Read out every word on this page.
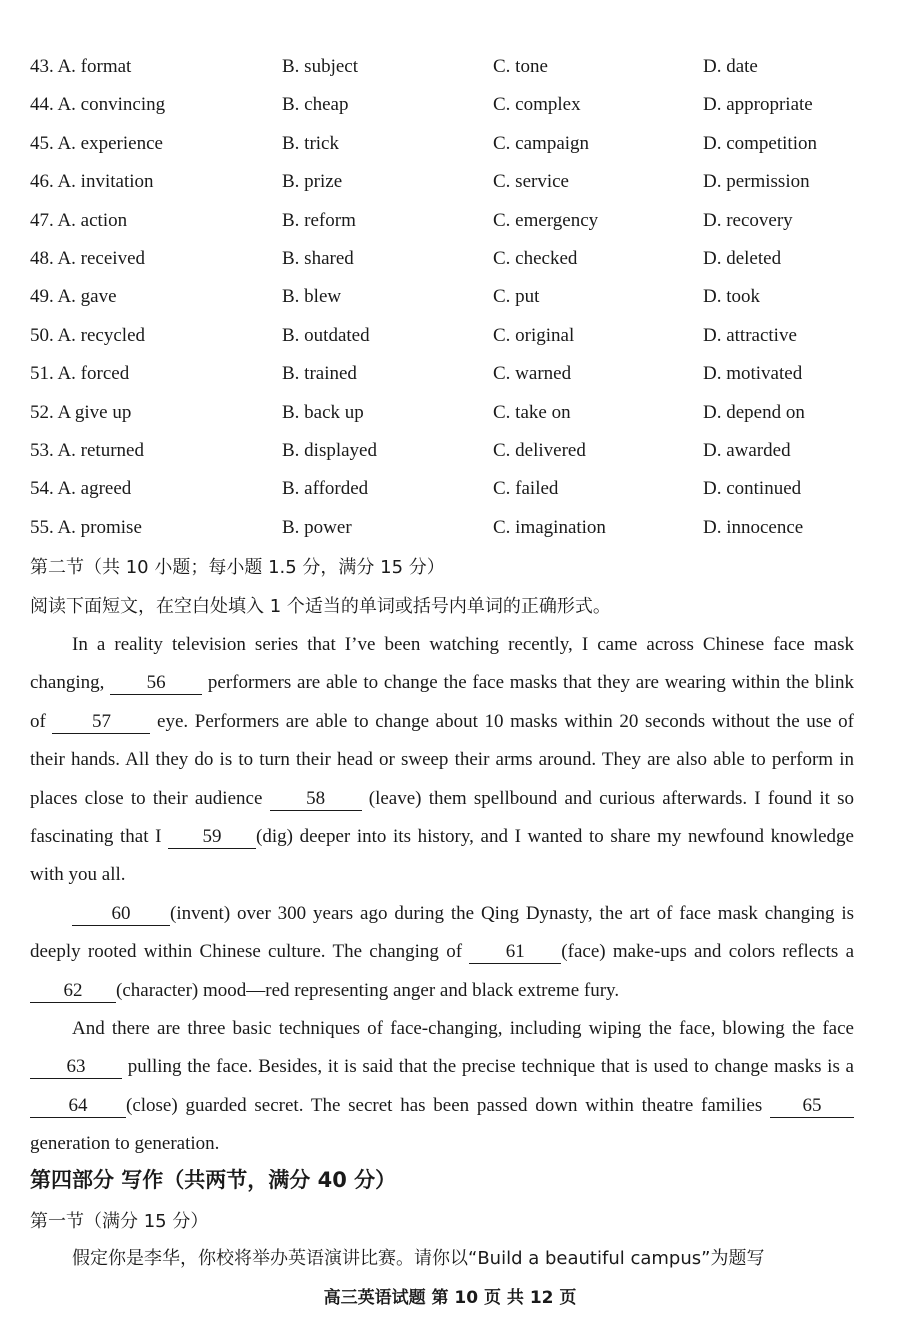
43. A. format	B. subject	C. tone	D. date
44. A. convincing	B. cheap	C. complex	D. appropriate
45. A. experience	B. trick	C. campaign	D. competition
46. A. invitation	B. prize	C. service	D. permission
47. A. action	B. reform	C. emergency	D. recovery
48. A. received	B. shared	C. checked	D. deleted
49. A. gave	B. blew	C. put	D. took
50. A. recycled	B. outdated	C. original	D. attractive
51. A. forced	B. trained	C. warned	D. motivated
52. A give up	B. back up	C. take on	D. depend on
53. A. returned	B. displayed	C. delivered	D. awarded
54. A. agreed	B. afforded	C. failed	D. continued
55. A. promise	B. power	C. imagination	D. innocence
第二节（共 10 小题；每小题 1.5 分，满分 15 分）
阅读下面短文，在空白处填入 1 个适当的单词或括号内单词的正确形式。

In a reality television series that I’ve been watching recently, I came across Chinese face mask changing, 56 performers are able to change the face masks that they are wearing within the blink of 57 eye. Performers are able to change about 10 masks within 20 seconds without the use of their hands. All they do is to turn their head or sweep their arms around. They are also able to perform in places close to their audience 58 (leave) them spellbound and curious afterwards. I found it so fascinating that I 59 (dig) deeper into its history, and I wanted to share my newfound knowledge with you all.

60 (invent) over 300 years ago during the Qing Dynasty, the art of face mask changing is deeply rooted within Chinese culture. The changing of 61 (face) make-ups and colors reflects a 62 (character) mood—red representing anger and black extreme fury.

And there are three basic techniques of face-changing, including wiping the face, blowing the face 63 pulling the face. Besides, it is said that the precise technique that is used to change masks is a 64 (close) guarded secret. The secret has been passed down within theatre families 65 generation to generation.

第四部分 写作（共两节，满分 40 分）
第一节（满分 15 分）
假定你是李华，你校将举办英语演讲比赛。请你以“Build a beautiful campus”为题写
高三英语试题 第 10 页 共 12 页
